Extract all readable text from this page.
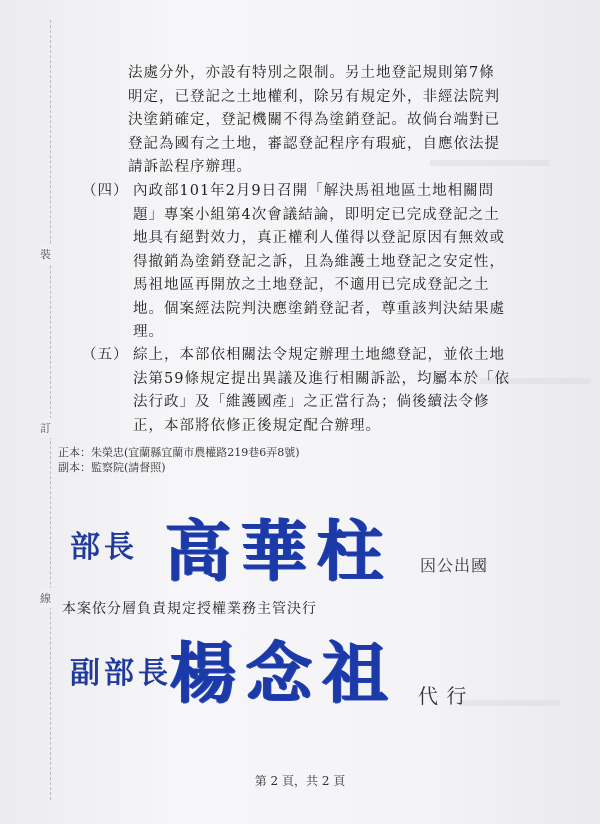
裝
訂
線
法處分外，亦設有特別之限制。另土地登記規則第7條
明定，已登記之土地權利，除另有規定外，非經法院判
決塗銷確定，登記機關不得為塗銷登記。故倘台端對已
登記為國有之土地，審認登記程序有瑕疵，自應依法提
請訴訟程序辦理。
（四） 內政部101年2月9日召開「解決馬祖地區土地相關問
題」專案小組第4次會議結論，即明定已完成登記之土
地具有絕對效力，真正權利人僅得以登記原因有無效或
得撤銷為塗銷登記之訴，且為維護土地登記之安定性，
馬祖地區再開放之土地登記，不適用已完成登記之土
地。個案經法院判決應塗銷登記者，尊重該判決結果處
理。
（五） 綜上，本部依相關法令規定辦理土地總登記，並依土地
法第59條規定提出異議及進行相關訴訟，均屬本於「依
法行政」及「維護國產」之正當行為；倘後續法令修
正，本部將依修正後規定配合辦理。
正本：朱榮忠(宜蘭縣宜蘭市農權路219巷6弄8號)
副本：監察院(請督照)
部長 高華柱 因公出國
本案依分層負責規定授權業務主管決行
副部長
楊念祖 代 行
第 2 頁，共 2 頁
